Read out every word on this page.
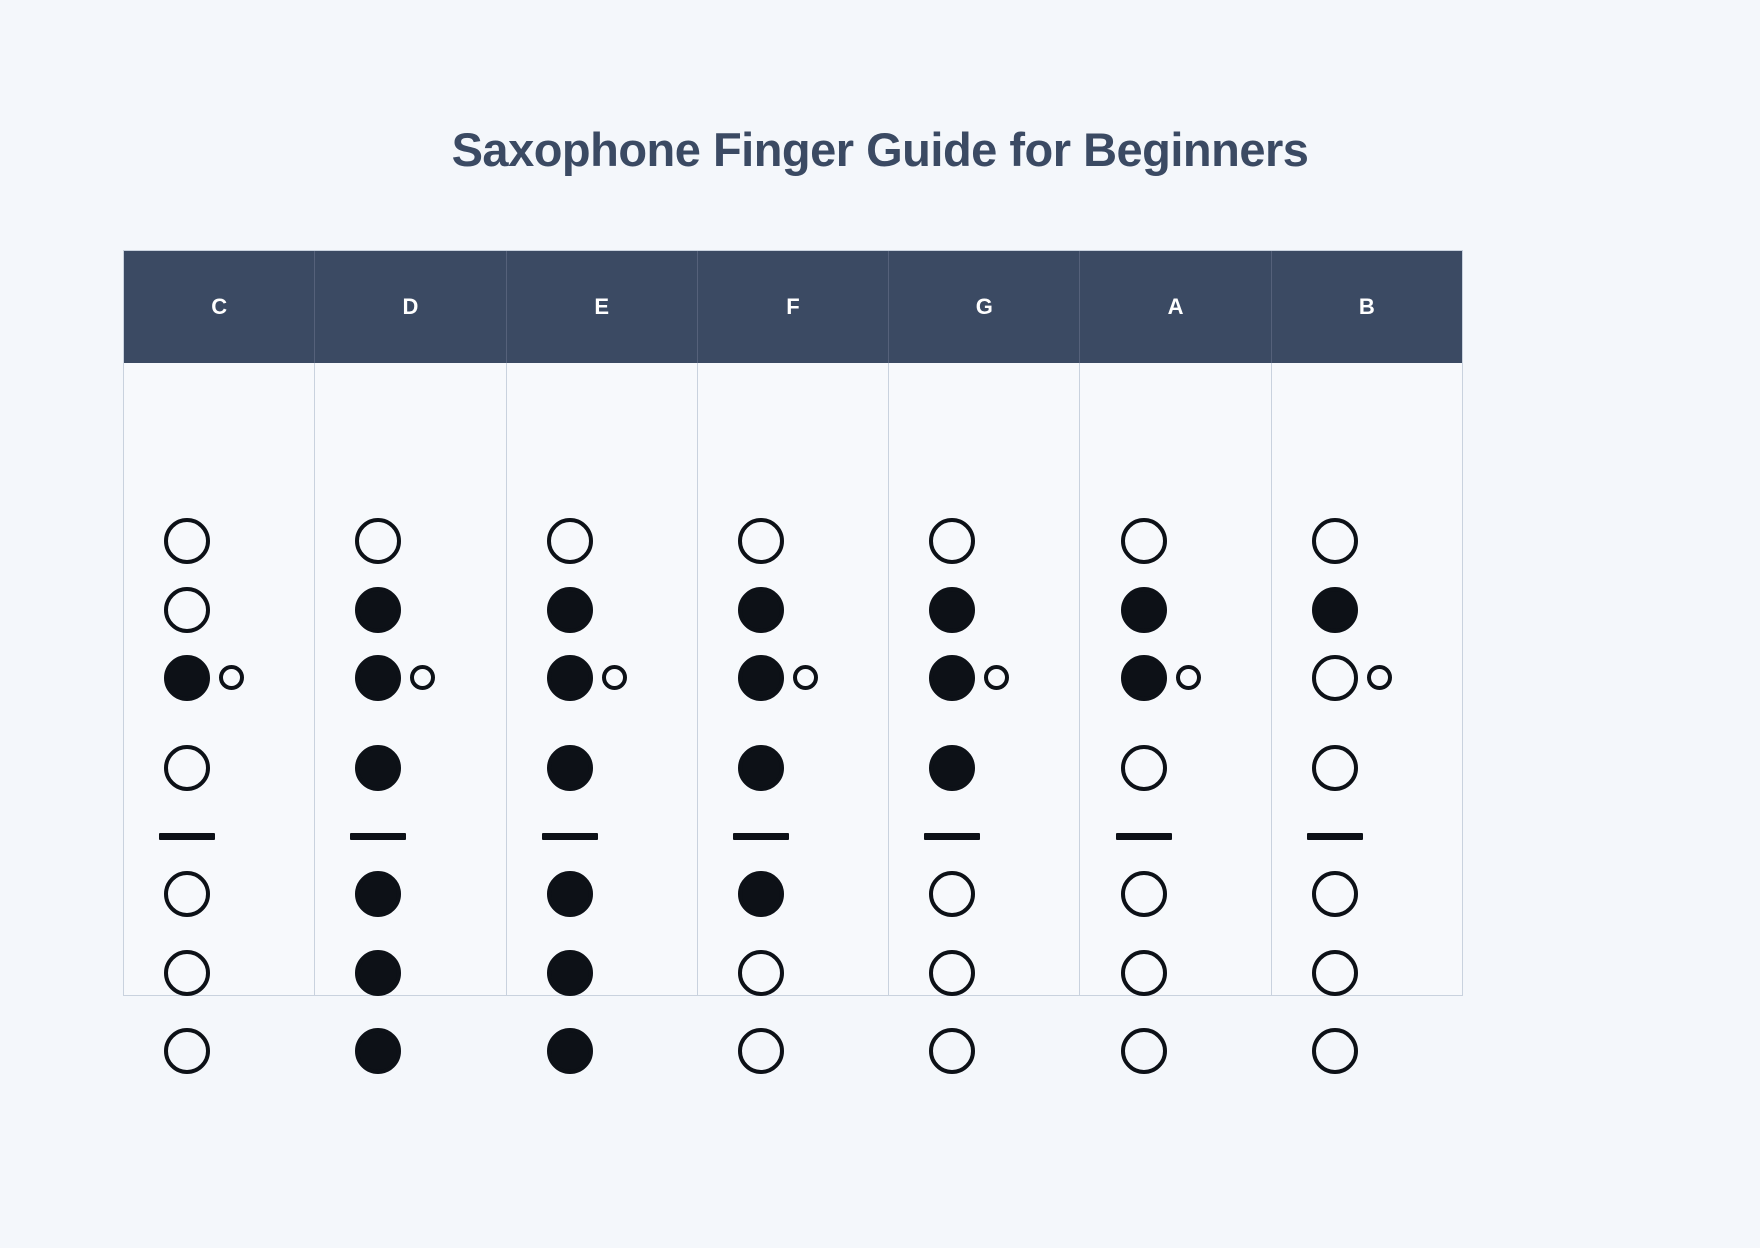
Saxophone Finger Guide for Beginners
C	D	E	F	G	A	B
